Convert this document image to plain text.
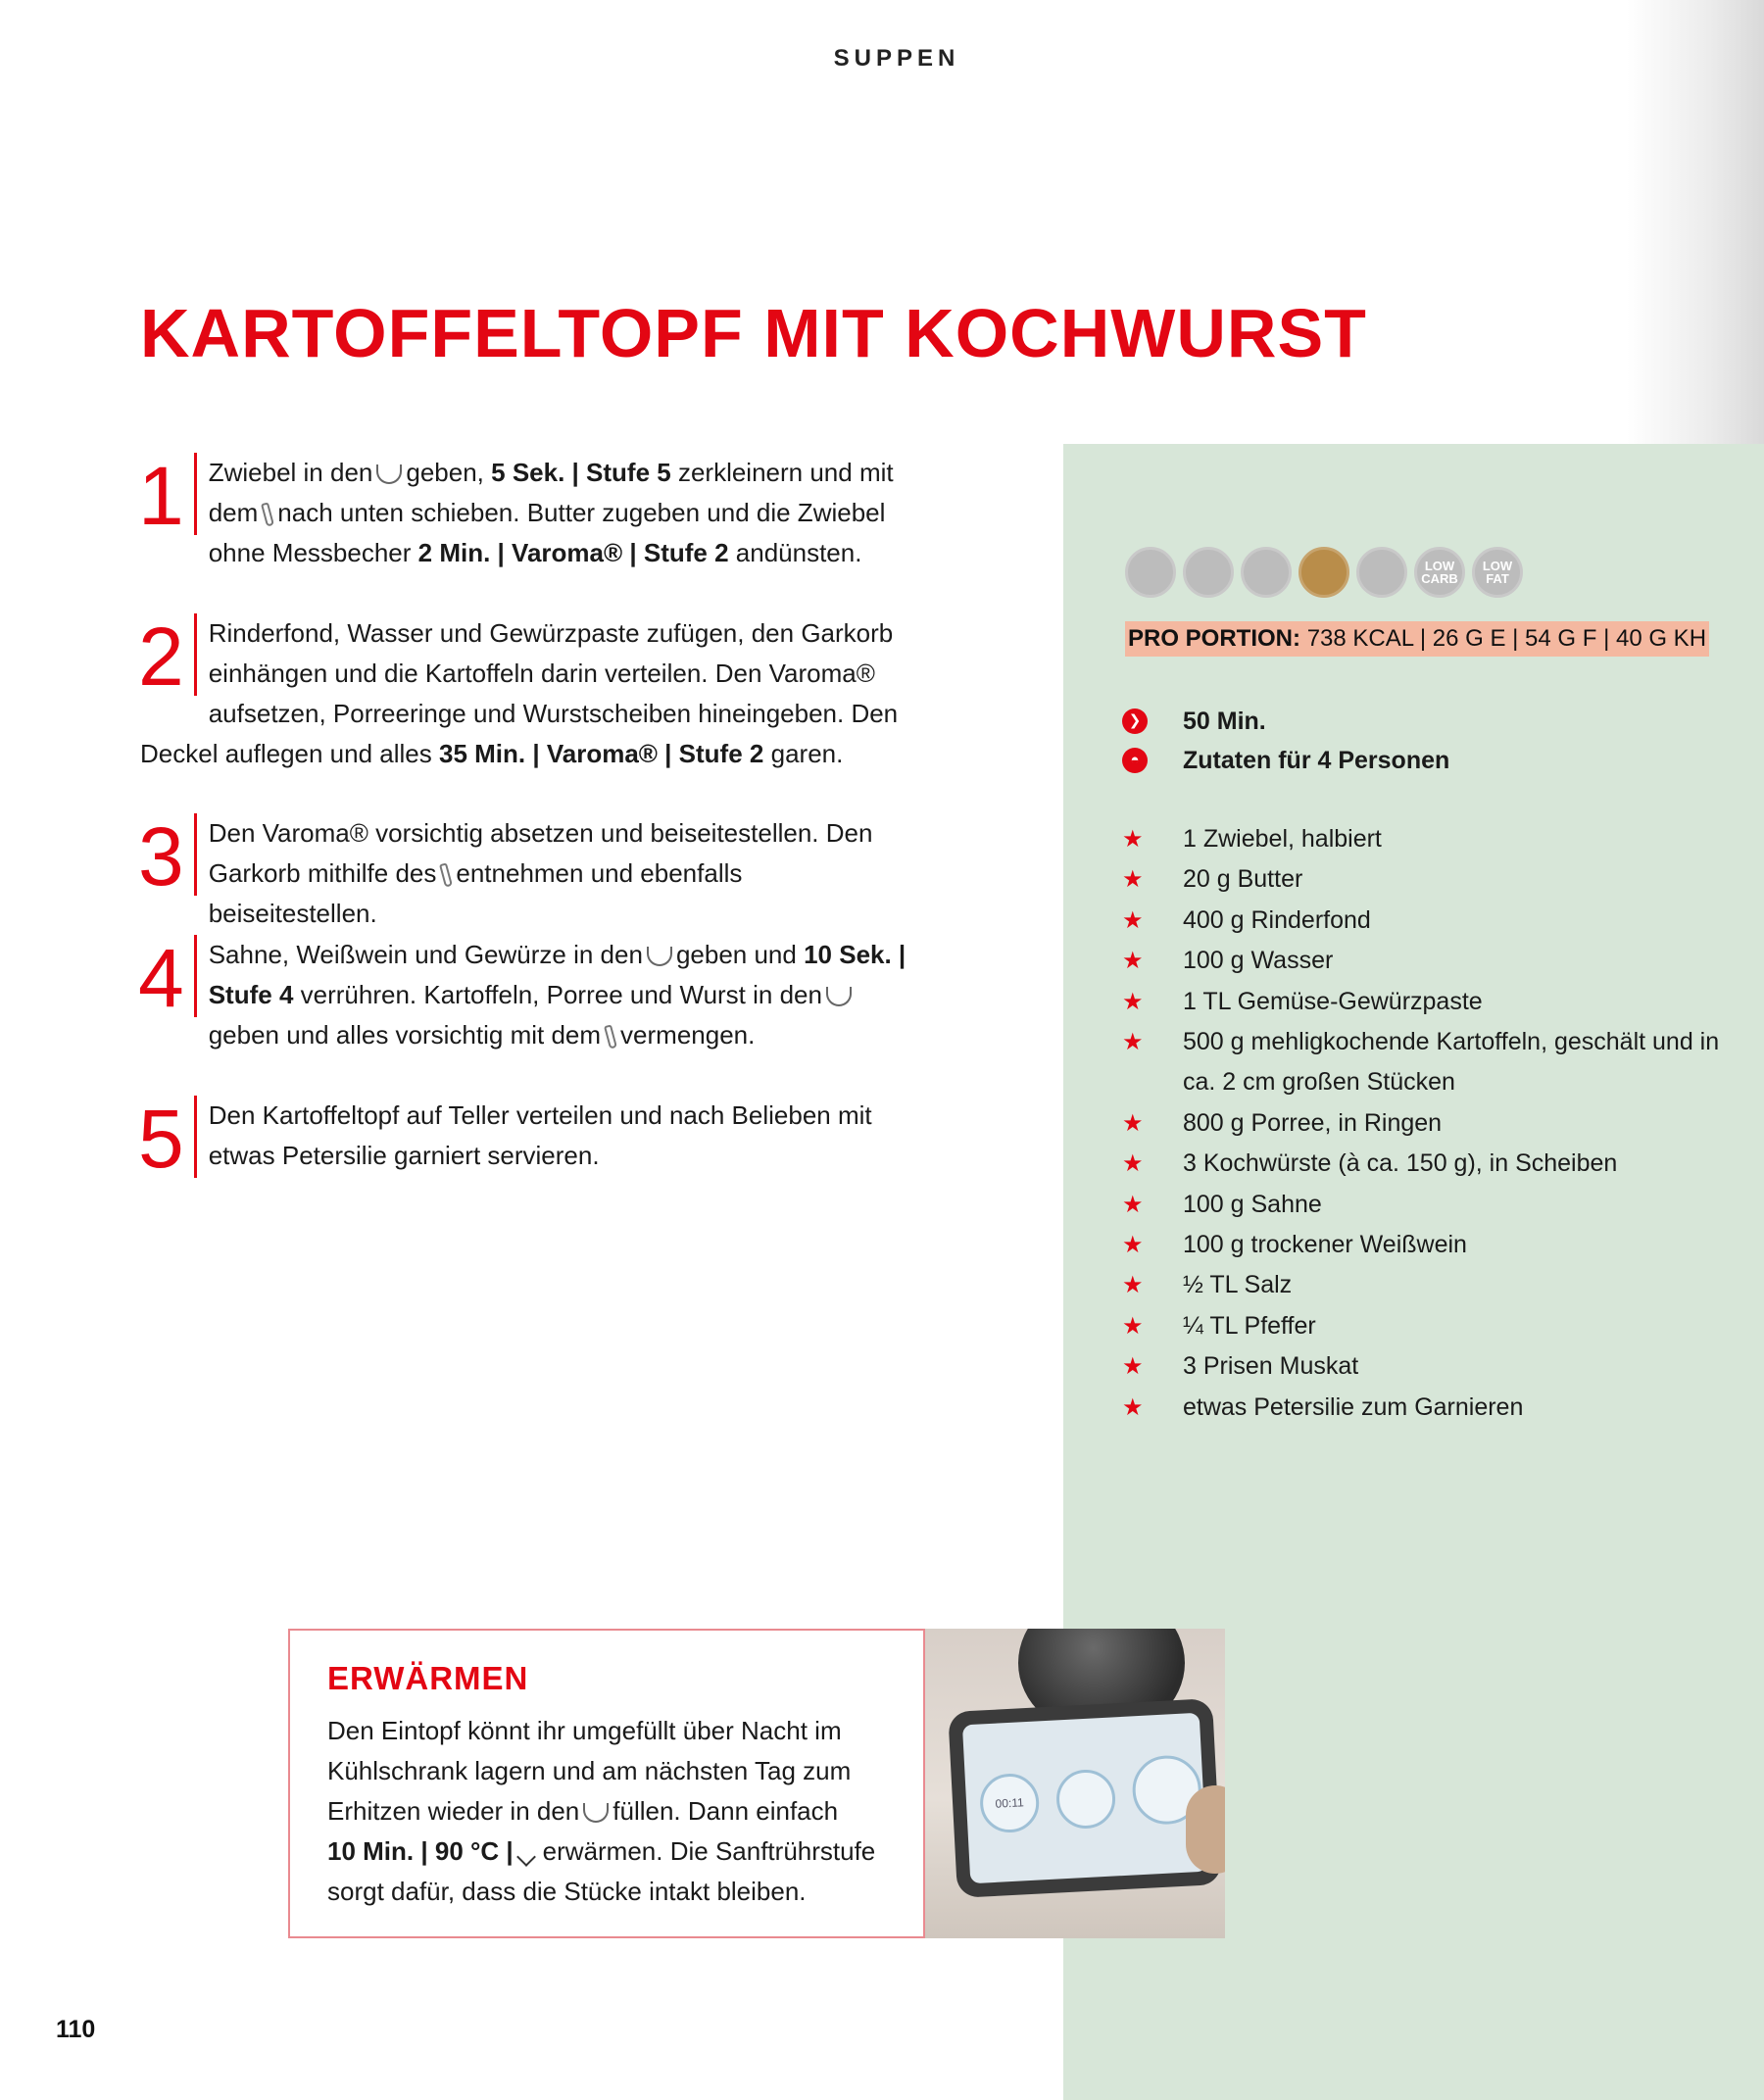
SUPPEN
KARTOFFELTOPF MIT KOCHWURST
1 Zwiebel in den geben, 5 Sek. | Stufe 5 zerkleinern und mit dem nach unten schieben. Butter zugeben und die Zwiebel ohne Messbecher 2 Min. | Varoma® | Stufe 2 andünsten.
2 Rinderfond, Wasser und Gewürzpaste zufügen, den Garkorb einhängen und die Kartoffeln darin verteilen. Den Varoma® aufsetzen, Porreeringe und Wurstscheiben hineingeben. Den Deckel auflegen und alles 35 Min. | Varoma® | Stufe 2 garen.
3 Den Varoma® vorsichtig absetzen und beiseitestellen. Den Garkorb mithilfe des entnehmen und ebenfalls beiseitestellen.
4 Sahne, Weißwein und Gewürze in den geben und 10 Sek. | Stufe 4 verrühren. Kartoffeln, Porree und Wurst in dengeben und alles vorsichtig mit dem vermengen.
5 Den Kartoffeltopf auf Teller verteilen und nach Belieben mit etwas Petersilie garniert servieren.
LOW CARB
LOW FAT
PRO PORTION: 738 KCAL | 26 G E | 54 G F | 40 G KH
❯ 50 Min.
◓	Zutaten für 4 Personen
★	1 Zwiebel, halbiert
★	20 g Butter
★	400 g Rinderfond
★	100 g Wasser
★	1 TL Gemüse-Gewürzpaste
★	500 g mehligkochende Kartoffeln, geschält und in ca. 2 cm großen Stücken
★	800 g Porree, in Ringen
★	3 Kochwürste (à ca. 150 g), in Scheiben
★	100 g Sahne
★	100 g trockener Weißwein
★	½ TL Salz
★	¼ TL Pfeffer
★	3 Prisen Muskat
★	etwas Petersilie zum Garnieren
ERWÄRMEN
Den Eintopf könnt ihr umgefüllt über Nacht im Kühlschrank lagern und am nächsten Tag zum Erhitzen wieder in den füllen. Dann einfach
10 Min. | 90 °C | erwärmen. Die Sanftrührstufe sorgt dafür, dass die Stücke intakt bleiben.
00:11
110
